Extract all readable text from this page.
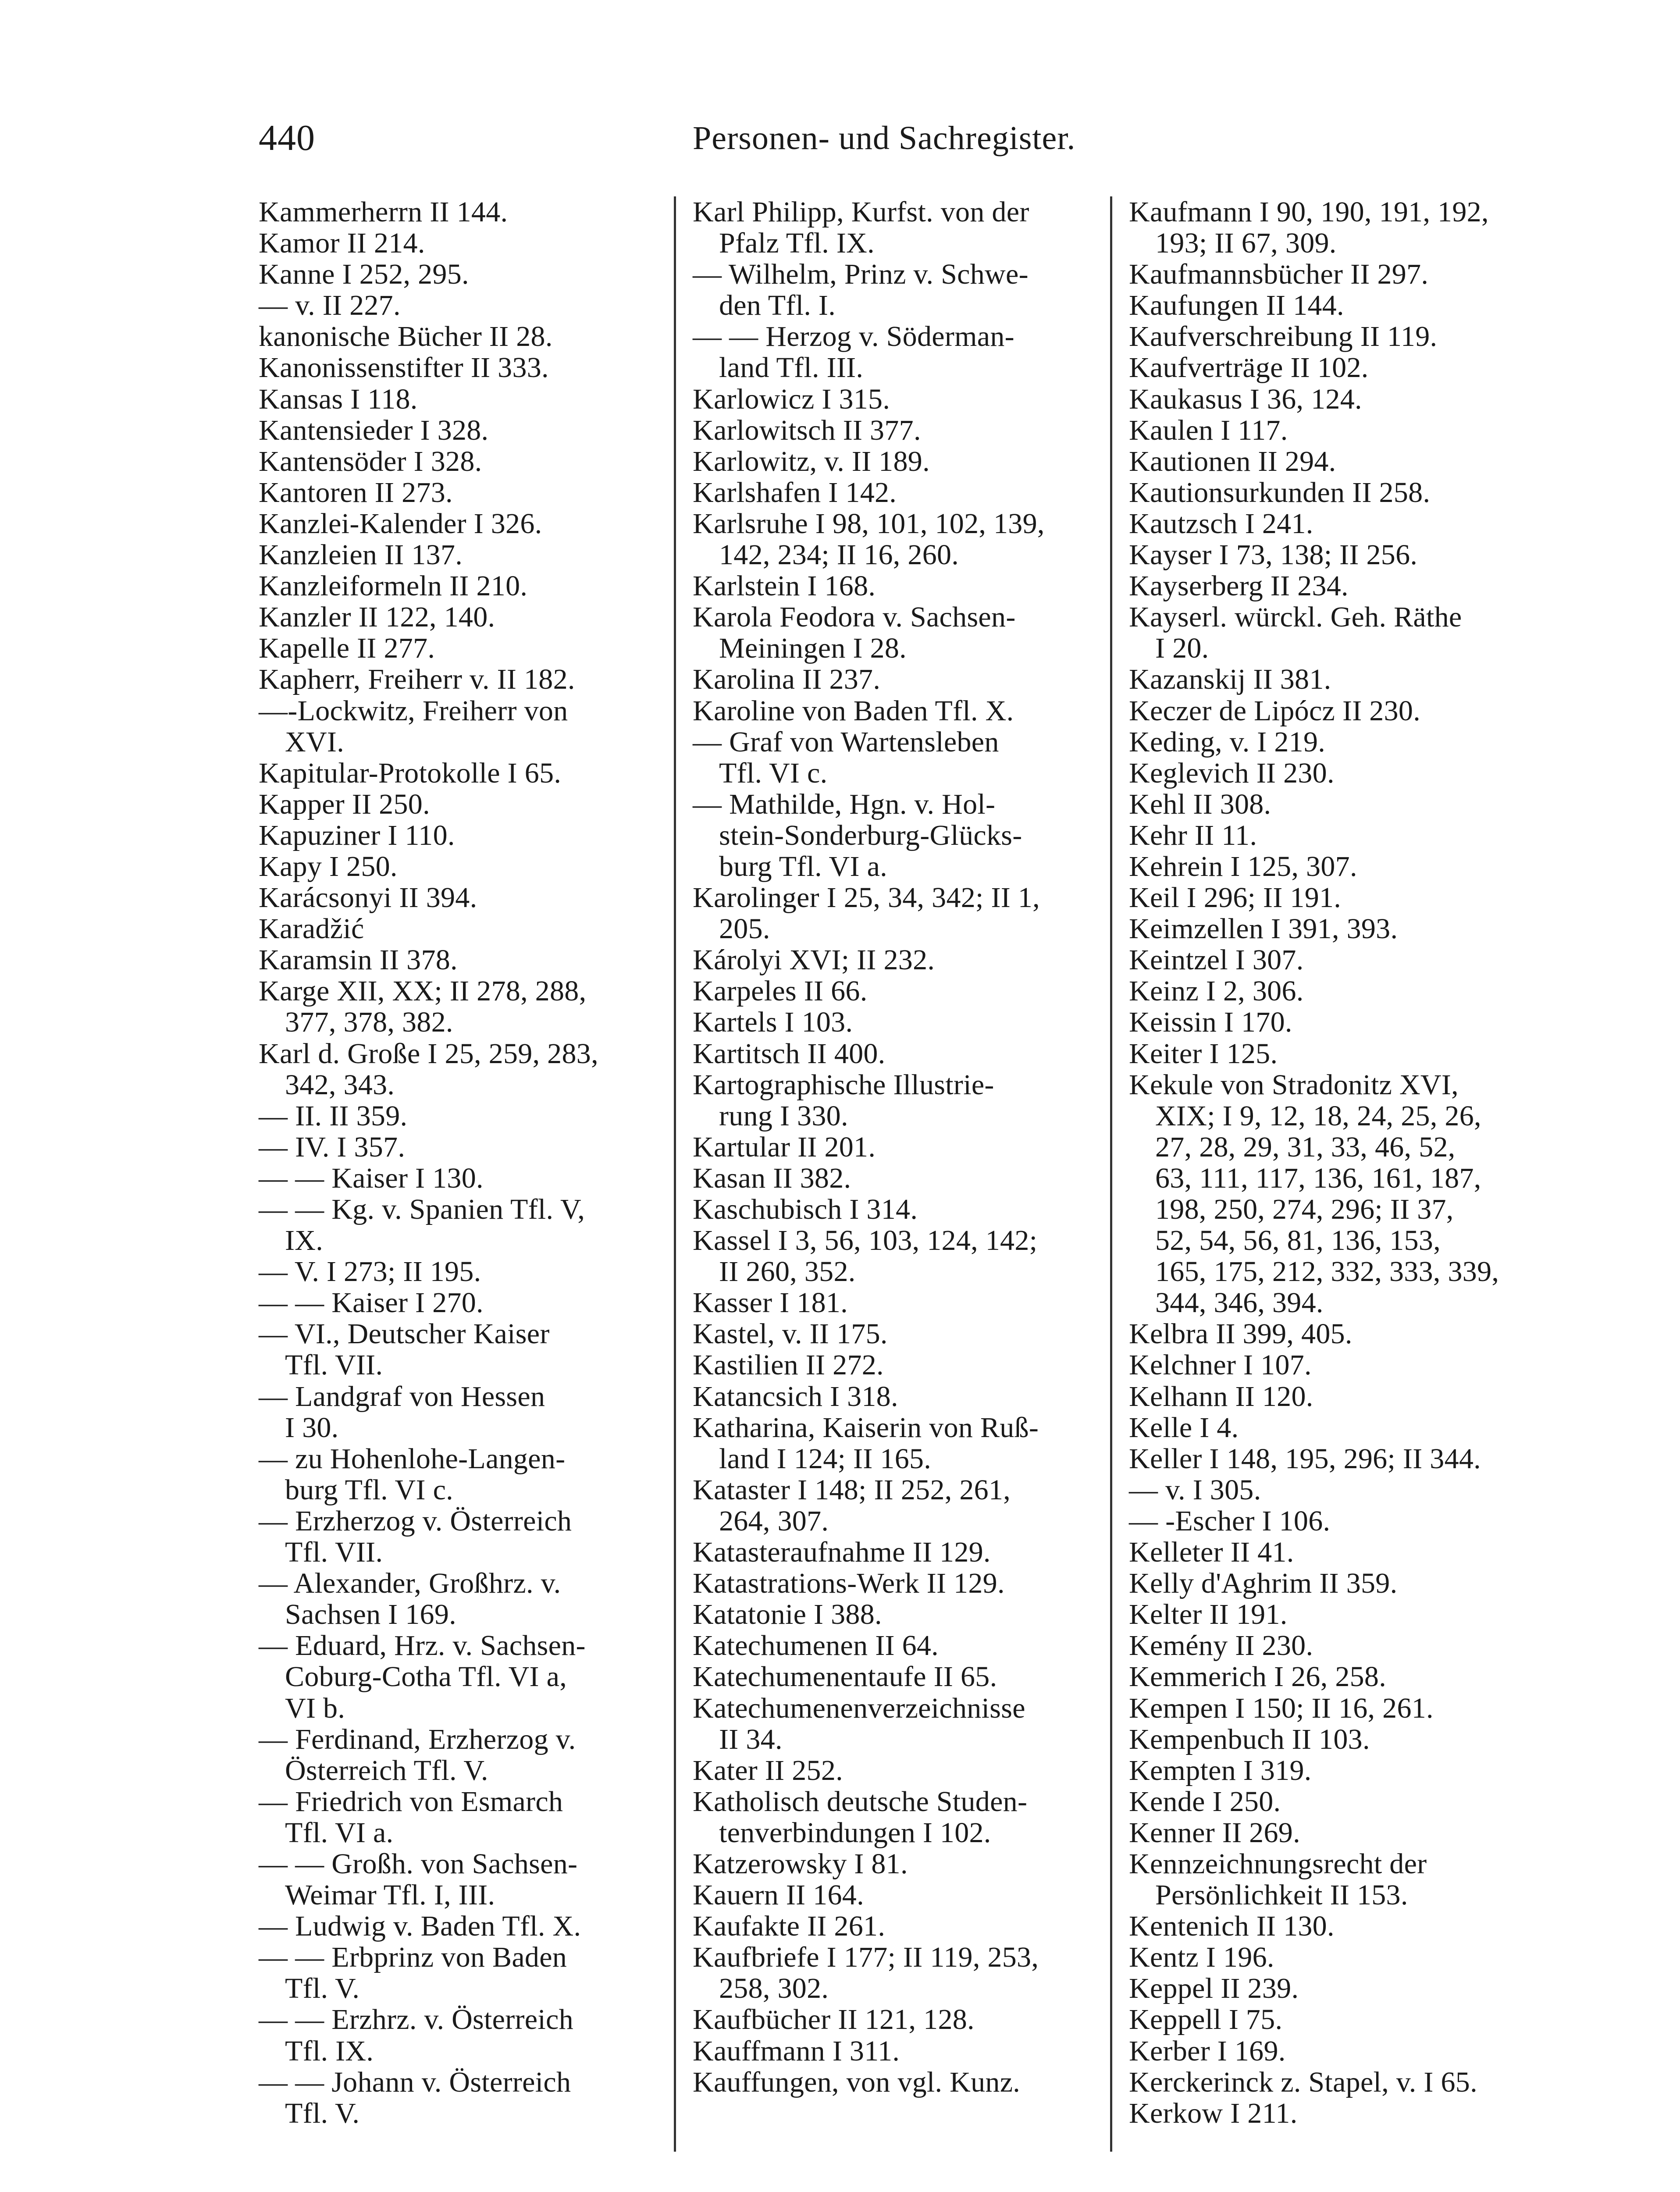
440	Personen- und Sachregister.
Kammerherrn II 144.
Kamor II 214.
Kanne I 252, 295.
— v. II 227.
kanonische Bücher II 28.
Kanonissenstifter II 333.
Kansas I 118.
Kantensieder I 328.
Kantensöder I 328.
Kantoren II 273.
Kanzlei-Kalender I 326.
Kanzleien II 137.
Kanzleiformeln II 210.
Kanzler II 122, 140.
Kapelle II 277.
Kapherr, Freiherr v. II 182.
—-Lockwitz, Freiherr von
XVI.
Kapitular-Protokolle I 65.
Kapper II 250.
Kapuziner I 110.
Kapy I 250.
Karácsonyi II 394.
Karadžić
Karamsin II 378.
Karge XII, XX; II 278, 288,
377, 378, 382.
Karl d. Große I 25, 259, 283,
342, 343.
— II. II 359.
— IV. I 357.
— — Kaiser I 130.
— — Kg. v. Spanien Tfl. V,
IX.
— V. I 273; II 195.
— — Kaiser I 270.
— VI., Deutscher Kaiser
Tfl. VII.
— Landgraf von Hessen
I 30.
— zu Hohenlohe-Langen-
burg Tfl. VI c.
— Erzherzog v. Österreich
Tfl. VII.
— Alexander, Großhrz. v.
Sachsen I 169.
— Eduard, Hrz. v. Sachsen-
Coburg-Cotha Tfl. VI a,
VI b.
— Ferdinand, Erzherzog v.
Österreich Tfl. V.
— Friedrich von Esmarch
Tfl. VI a.
— — Großh. von Sachsen-
Weimar Tfl. I, III.
— Ludwig v. Baden Tfl. X.
— — Erbprinz von Baden
Tfl. V.
— — Erzhrz. v. Österreich
Tfl. IX.
— — Johann v. Österreich
Tfl. V.
Karl Philipp, Kurfst. von der
Pfalz Tfl. IX.
— Wilhelm, Prinz v. Schwe-
den Tfl. I.
— — Herzog v. Söderman-
land Tfl. III.
Karlowicz I 315.
Karlowitsch II 377.
Karlowitz, v. II 189.
Karlshafen I 142.
Karlsruhe I 98, 101, 102, 139,
142, 234; II 16, 260.
Karlstein I 168.
Karola Feodora v. Sachsen-
Meiningen I 28.
Karolina II 237.
Karoline von Baden Tfl. X.
— Graf von Wartensleben
Tfl. VI c.
— Mathilde, Hgn. v. Hol-
stein-Sonderburg-Glücks-
burg Tfl. VI a.
Karolinger I 25, 34, 342; II 1,
205.
Károlyi XVI; II 232.
Karpeles II 66.
Kartels I 103.
Kartitsch II 400.
Kartographische Illustrie-
rung I 330.
Kartular II 201.
Kasan II 382.
Kaschubisch I 314.
Kassel I 3, 56, 103, 124, 142;
II 260, 352.
Kasser I 181.
Kastel, v. II 175.
Kastilien II 272.
Katancsich I 318.
Katharina, Kaiserin von Ruß-
land I 124; II 165.
Kataster I 148; II 252, 261,
264, 307.
Katasteraufnahme II 129.
Katastrations-Werk II 129.
Katatonie I 388.
Katechumenen II 64.
Katechumenentaufe II 65.
Katechumenenverzeichnisse
II 34.
Kater II 252.
Katholisch deutsche Studen-
tenverbindungen I 102.
Katzerowsky I 81.
Kauern II 164.
Kaufakte II 261.
Kaufbriefe I 177; II 119, 253,
258, 302.
Kaufbücher II 121, 128.
Kauffmann I 311.
Kauffungen, von vgl. Kunz.
Kaufmann I 90, 190, 191, 192,
193; II 67, 309.
Kaufmannsbücher II 297.
Kaufungen II 144.
Kaufverschreibung II 119.
Kaufverträge II 102.
Kaukasus I 36, 124.
Kaulen I 117.
Kautionen II 294.
Kautionsurkunden II 258.
Kautzsch I 241.
Kayser I 73, 138; II 256.
Kayserberg II 234.
Kayserl. würckl. Geh. Räthe
I 20.
Kazanskij II 381.
Keczer de Lipócz II 230.
Keding, v. I 219.
Keglevich II 230.
Kehl II 308.
Kehr II 11.
Kehrein I 125, 307.
Keil I 296; II 191.
Keimzellen I 391, 393.
Keintzel I 307.
Keinz I 2, 306.
Keissin I 170.
Keiter I 125.
Kekule von Stradonitz XVI,
XIX; I 9, 12, 18, 24, 25, 26,
27, 28, 29, 31, 33, 46, 52,
63, 111, 117, 136, 161, 187,
198, 250, 274, 296; II 37,
52, 54, 56, 81, 136, 153,
165, 175, 212, 332, 333, 339,
344, 346, 394.
Kelbra II 399, 405.
Kelchner I 107.
Kelhann II 120.
Kelle I 4.
Keller I 148, 195, 296; II 344.
— v. I 305.
— -Escher I 106.
Kelleter II 41.
Kelly d'Aghrim II 359.
Kelter II 191.
Kemény II 230.
Kemmerich I 26, 258.
Kempen I 150; II 16, 261.
Kempenbuch II 103.
Kempten I 319.
Kende I 250.
Kenner II 269.
Kennzeichnungsrecht der
Persönlichkeit II 153.
Kentenich II 130.
Kentz I 196.
Keppel II 239.
Keppell I 75.
Kerber I 169.
Kerckerinck z. Stapel, v. I 65.
Kerkow I 211.
